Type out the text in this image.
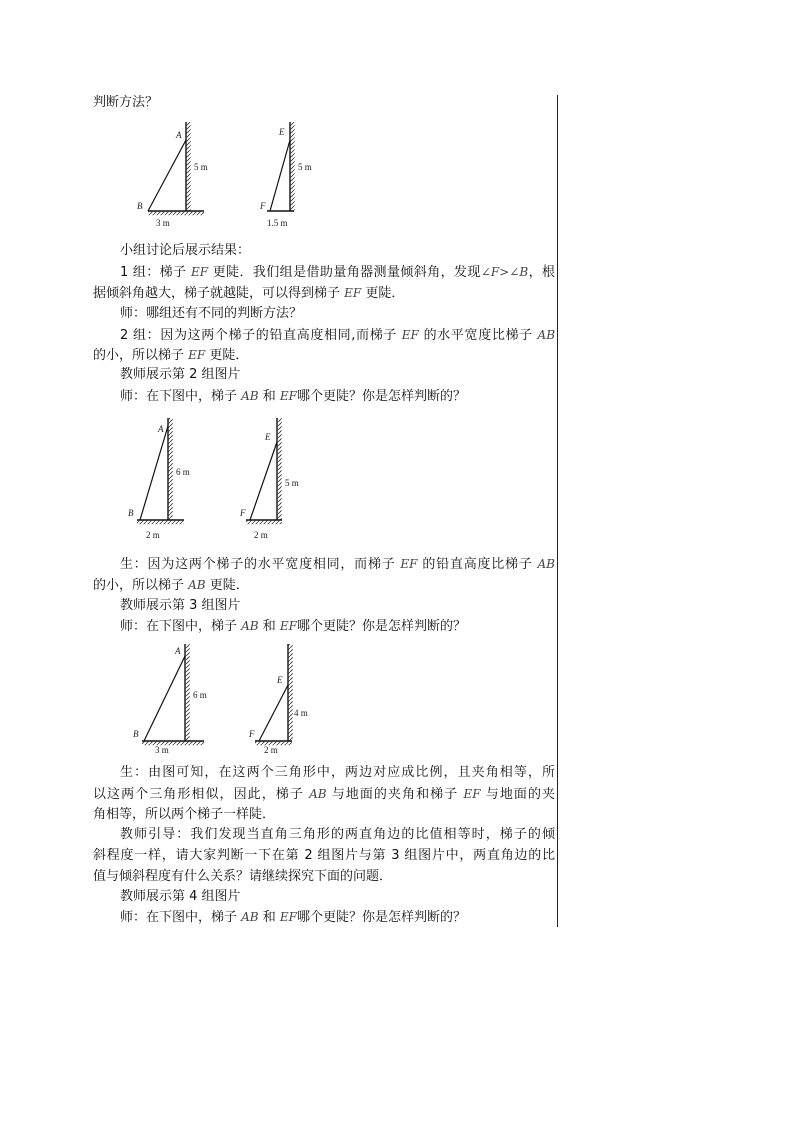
判断方法？
A
B
5 m
3 m
E
F
5 m
1.5 m
小组讨论后展示结果：
1 组：梯子 EF 更陡．我们组是借助量角器测量倾斜角，发现∠F>∠B，根
据倾斜角越大，梯子就越陡，可以得到梯子 EF 更陡．
师：哪组还有不同的判断方法？
2 组：因为这两个梯子的铅直高度相同,而梯子 EF 的水平宽度比梯子 AB
的小，所以梯子 EF 更陡．
教师展示第 2 组图片
师：在下图中，梯子 AB 和 EF哪个更陡？你是怎样判断的？
A
B
6 m
2 m
E
F
5 m
2 m
生：因为这两个梯子的水平宽度相同，而梯子 EF 的铅直高度比梯子 AB
的小，所以梯子 AB 更陡．
教师展示第 3 组图片
师：在下图中，梯子 AB 和 EF哪个更陡？你是怎样判断的？
A
B
6 m
3 m
E
F
4 m
2 m
生：由图可知，在这两个三角形中，两边对应成比例，且夹角相等，所
以这两个三角形相似，因此，梯子 AB 与地面的夹角和梯子 EF 与地面的夹
角相等，所以两个梯子一样陡．
教师引导：我们发现当直角三角形的两直角边的比值相等时，梯子的倾
斜程度一样，请大家判断一下在第 2 组图片与第 3 组图片中，两直角边的比
值与倾斜程度有什么关系？请继续探究下面的问题．
教师展示第 4 组图片
师：在下图中，梯子 AB 和 EF哪个更陡？你是怎样判断的？
